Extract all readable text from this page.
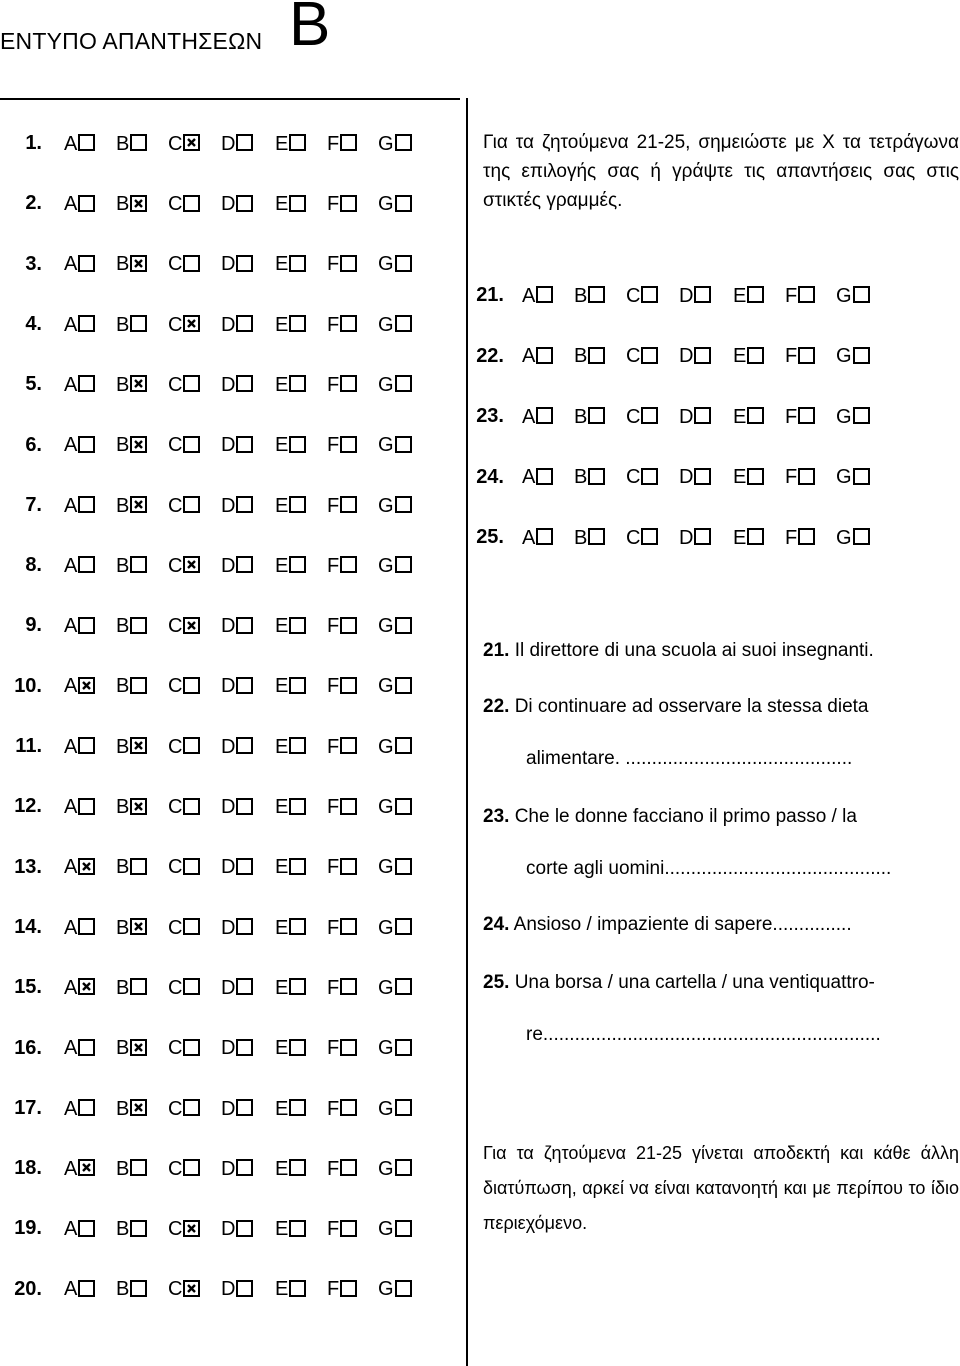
ΕΝΤΥΠΟ ΑΠΑΝΤΗΣΕΩΝ B
1. A	B	C	D	E	F	G
2. A	B	C	D	E	F	G
3. A	B	C	D	E	F	G
4. A	B	C	D	E	F	G
5. A	B	C	D	E	F	G
6. A	B	C	D	E	F	G
7. A	B	C	D	E	F	G
8. A	B	C	D	E	F	G
9. A	B	C	D	E	F	G
10. A	B	C	D	E	F	G
11. A	B	C	D	E	F	G
12. A	B	C	D	E	F	G
13. A	B	C	D	E	F	G
14. A	B	C	D	E	F	G
15. A	B	C	D	E	F	G
16. A	B	C	D	E	F	G
17. A	B	C	D	E	F	G
18. A	B	C	D	E	F	G
19. A	B	C	D	E	F	G
20. A	B	C	D	E	F	G
Για τα ζητούμενα 21-25, σημειώστε με Χ τα τετράγωνα της επιλογής σας ή γράψτε τις απαντήσεις σας στις στικτές γραμμές.
21. A	B	C	D	E	F	G
22. A	B	C	D	E	F	G
23. A	B	C	D	E	F	G
24. A	B	C	D	E	F	G
25. A	B	C	D	E	F	G
21. Il direttore di una scuola ai suoi insegnanti.
22. Di continuare ad osservare la stessa dieta
alimentare. ...........................................
23. Che le donne facciano il primo passo / la
corte agli uomini...........................................
24. Ansioso / impaziente di sapere...............
25. Una borsa / una cartella / una ventiquattro-
re................................................................
Για τα ζητούμενα 21-25 γίνεται αποδεκτή και κάθε άλλη διατύπωση, αρκεί να είναι κατανοητή και με περίπου το ίδιο περιεχόμενο.
